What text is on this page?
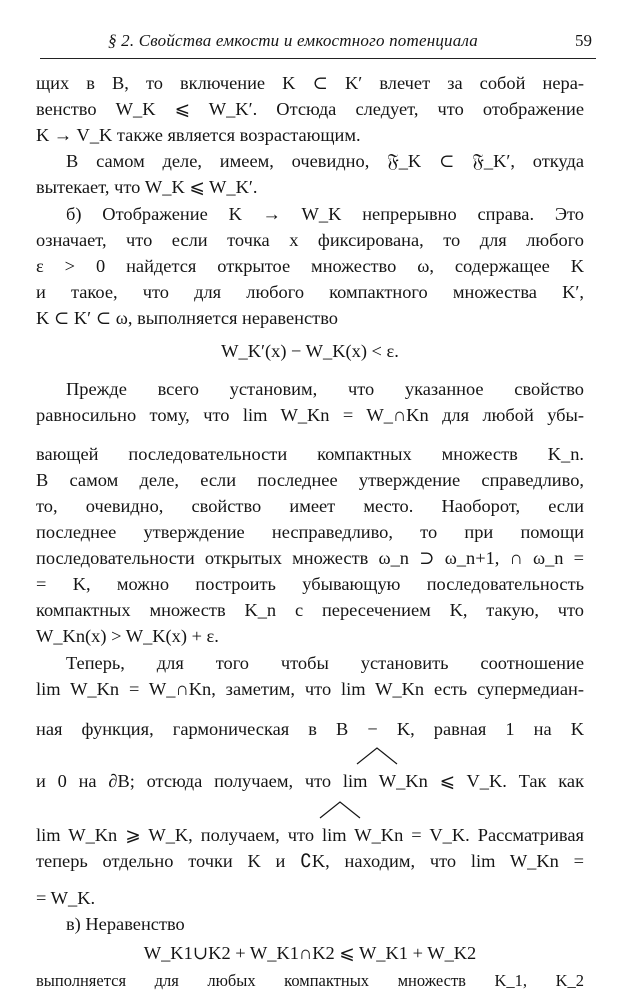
§ 2. Свойства емкости и емкостного потенциала	59
щих в B, то включение K ⊂ K′ влечет за собой нера-
венство W_K ⩽ W_K′. Отсюда следует, что отображение
K → V_K также является возрастающим.
В самом деле, имеем, очевидно, 𝔉_K ⊂ 𝔉_K′, откуда
вытекает, что W_K ⩽ W_K′.
б) Отображение K → W_K непрерывно справа. Это
означает, что если точка x фиксирована, то для любого
ε > 0 найдется открытое множество ω, содержащее K
и такое, что для любого компактного множества K′,
K ⊂ K′ ⊂ ω, выполняется неравенство
W_K′(x) − W_K(x) < ε.
Прежде всего установим, что указанное свойство
равносильно тому, что lim W_Kn = W_∩Kn для любой убы-
вающей последовательности компактных множеств K_n.
В самом деле, если последнее утверждение справедливо,
то, очевидно, свойство имеет место. Наоборот, если
последнее утверждение несправедливо, то при помощи
последовательности открытых множеств ω_n ⊃ ω_n+1, ∩ ω_n =
= K, можно построить убывающую последовательность
компактных множеств K_n с пересечением K, такую, что
W_Kn(x) > W_K(x) + ε.
Теперь, для того чтобы установить соотношение
lim W_Kn = W_∩Kn, заметим, что lim W_Kn есть супермедиан-
ная функция, гармоническая в B − K, равная 1 на K
и 0 на ∂B; отсюда получаем, что lim W_Kn ⩽ V_K. Так как
lim W_Kn ⩾ W_K, получаем, что lim W_Kn = V_K. Рассматривая
теперь отдельно точки K и ∁K, находим, что lim W_Kn =
= W_K.
в) Неравенство
W_K1∪K2 + W_K1∩K2 ⩽ W_K1 + W_K2
выполняется для любых компактных множеств K_1, K_2
